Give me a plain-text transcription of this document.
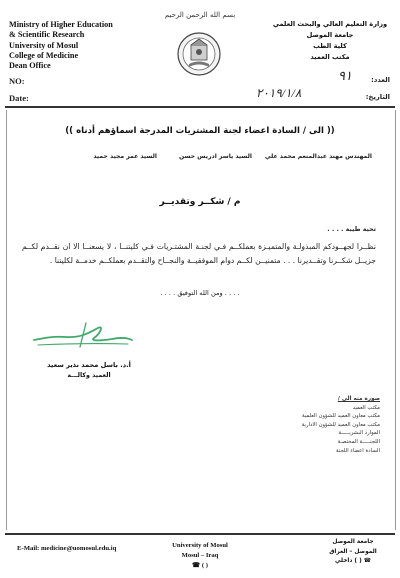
Ministry of Higher Education
& Scientific Research
University of Mosul
College of Medicine
Dean Office
بسم الله الرحمن الرحيم
وزارة التعليم العالي والبحث العلمي
جامعة الموصل
كلية الطب
مكتب العميد
NO:
Date:
العدد:
التاريخ:
٩١
٢٠١٩/١/٨
(( الى / السادة اعضاء لجنة المشتريات المدرجة اسماؤهم أدناه ))
المهندس مهند عبدالمنعم محمد علي
السيد ياسر ادريس حسن
السيد عمر مجيد حميد
م / شكــر وتقديــر
تحية طيبة . . . .
نظــرا لجهــودكم المبذولـة والمتميـزة بعملكــم فـي لجنـة المشتـريات فـي كليتنــا ، لا يسعنــا الا ان نقــدم لكــم جزيــل شكــرنا وتقــديرنا . . . متمنيــن لكــم دوام الموفقيــة والنجــاح والتقــدم بعملكــم خدمــة لكليتنا .
. . . . ومن الله التوفيق . . . .
أ.د. باسل محمد نذير سعيد
العميد وكالـــة
صورة منه الى /
مكتب العميد
مكتب معاون العميد للشؤون العلمية
مكتب معاون العميد للشؤون الادارية
الموارد البشريـــــة
اللجنـــــة المختصـة
السادة اعضاء اللجنة
E-Mail: medicine@uomosul.edu.iq	University of Mosul
Mosul – Iraq
☎ ( )
جامعة الموصل
الموصل – العراق
☎ ( ) داخلي
